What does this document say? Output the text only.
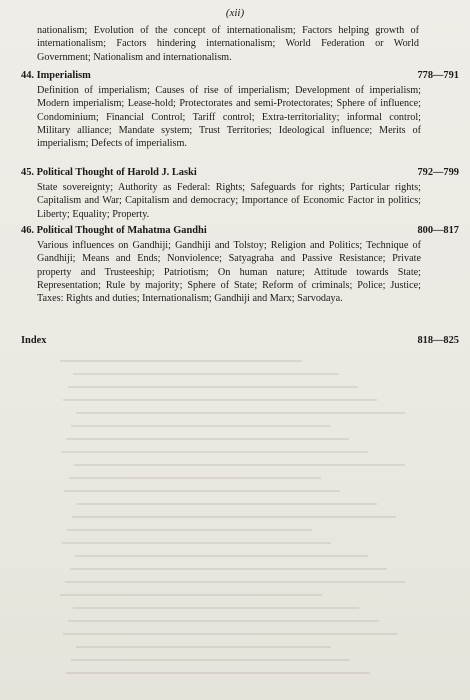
(xii)
nationalism; Evolution of the concept of internationalism; Factors helping growth of internationalism; Factors hindering internationalism; World Federation or World Government; Nationalism and internationalism.
44. Imperialism	778—791
Definition of imperialism; Causes of rise of imperialism; Development of imperialism; Modern imperialism; Lease-hold; Protectorates and semi-Protectorates; Sphere of influence; Condominium; Financial Control; Tariff control; Extra-territoriality; informal control; Military alliance; Mandate system; Trust Territories; Ideological influence; Merits of imperialism; Defects of imperialism.
45. Political Thought of Harold J. Laski	792—799
State sovereignty; Authority as Federal: Rights; Safeguards for rights; Particular rights; Capitalism and War; Capitalism and democracy; Importance of Economic Factor in politics; Liberty; Equality; Property.
46. Political Thought of Mahatma Gandhi	800—817
Various influences on Gandhiji; Gandhiji and Tolstoy; Religion and Politics; Technique of Gandhiji; Means and Ends; Nonviolence; Satyagraha and Passive Resistance; Private property and Trusteeship; Patriotism; On human nature; Attitude towards State; Representation; Rule by majority; Sphere of State; Reform of criminals; Police; Justice; Taxes: Rights and duties; Internationalism; Gandhiji and Marx; Sarvodaya.
Index	818—825
